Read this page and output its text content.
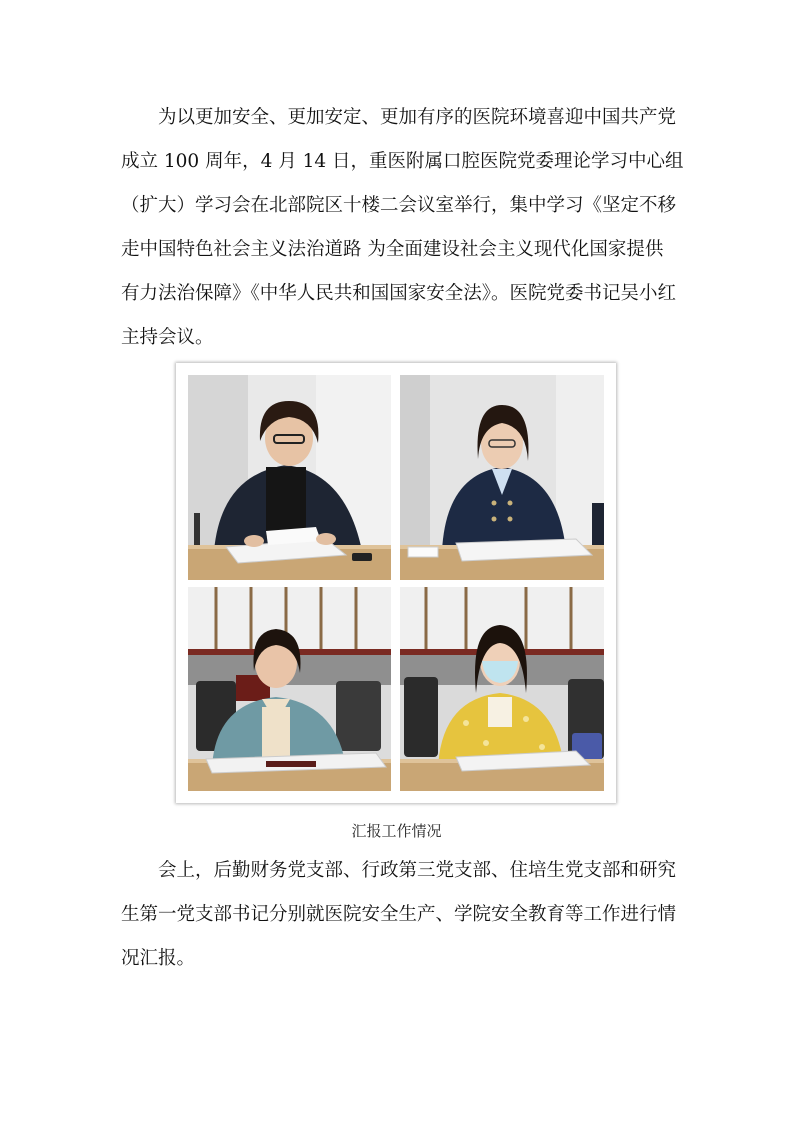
为以更加安全、更加安定、更加有序的医院环境喜迎中国共产党
成立 100 周年，4 月 14 日，重医附属口腔医院党委理论学习中心组
（扩大）学习会在北部院区十楼二会议室举行，集中学习《坚定不移
走中国特色社会主义法治道路 为全面建设社会主义现代化国家提供
有力法治保障》《中华人民共和国国家安全法》。医院党委书记吴小红
主持会议。
汇报工作情况
会上，后勤财务党支部、行政第三党支部、住培生党支部和研究
生第一党支部书记分别就医院安全生产、学院安全教育等工作进行情
况汇报。
